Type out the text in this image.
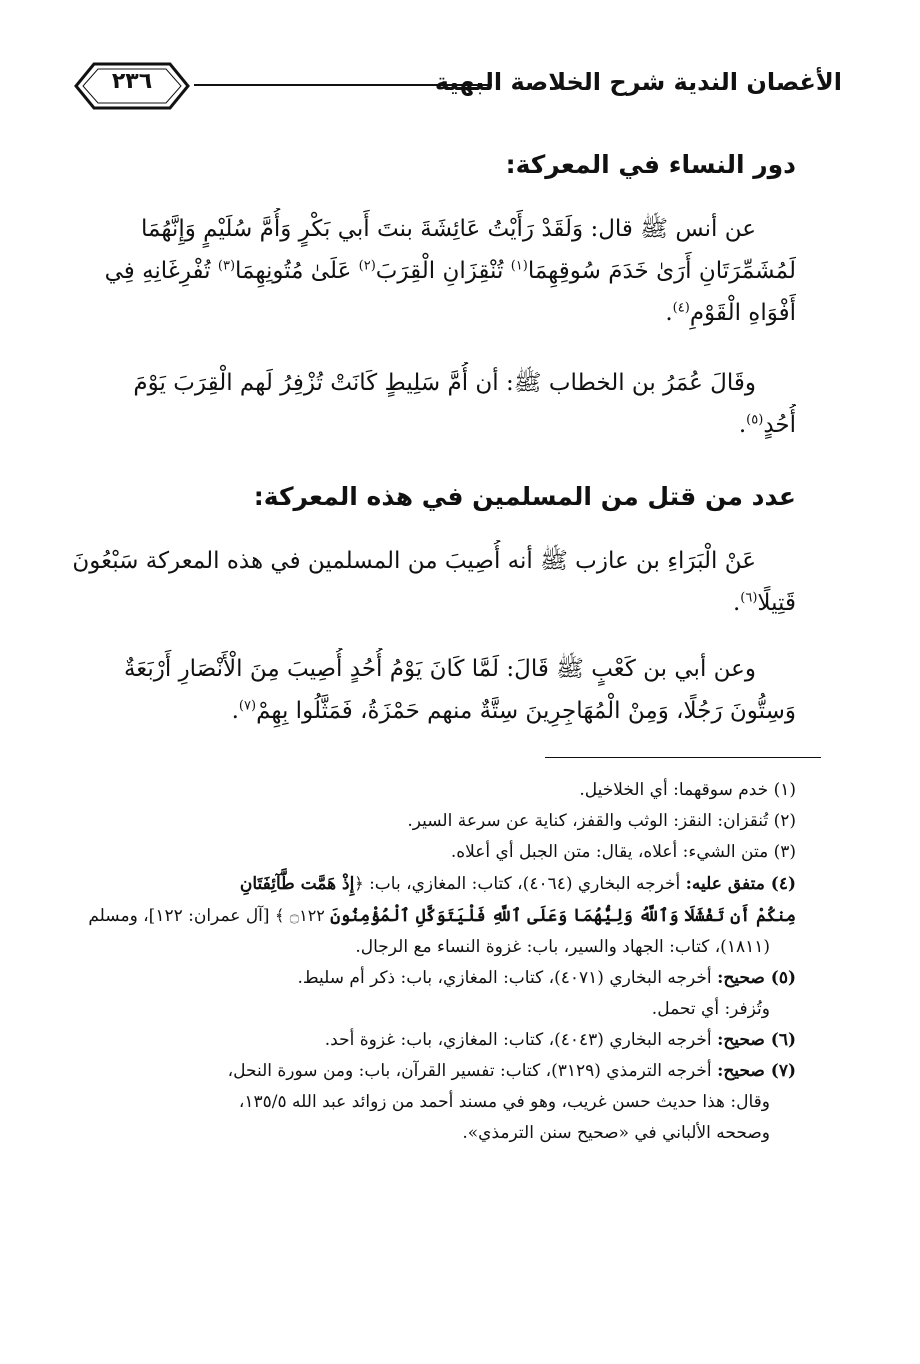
الأغصان الندية شرح الخلاصة البهية
٢٣٦
دور النساء في المعركة:
عن أنس ﷺ قال: وَلَقَدْ رَأَيْتُ عَائِشَةَ بنتَ أَبي بَكْرٍ وَأُمَّ سُلَيْمٍ وَإِنَّهُمَا
لَمُشَمِّرَتَانِ أَرَىٰ خَدَمَ سُوقِهِمَا$^{(١)}$ تُنْقِزَانِ الْقِرَبَ$^{(٢)}$ عَلَىٰ مُتُونِهِمَا$^{(٣)}$ تُفْرِغَانِهِ فِي
أَفْوَاهِ الْقَوْمِ$^{(٤)}$.
وقَالَ عُمَرُ بن الخطاب ﷺ: أن أُمَّ سَلِيطٍ كَانَتْ تُزْفِرُ لَهم الْقِرَبَ يَوْمَ
أُحُدٍ$^{(٥)}$.
عدد من قتل من المسلمين في هذه المعركة:
عَنْ الْبَرَاءِ بن عازب ﷺ أنه أُصِيبَ من المسلمين في هذه المعركة سَبْعُونَ
قَتِيلًا$^{(٦)}$.
وعن أبي بن كَعْبٍ ﷺ قَالَ: لَمَّا كَانَ يَوْمُ أُحُدٍ أُصِيبَ مِنَ الْأَنْصَارِ أَرْبَعَةٌ
وَسِتُّونَ رَجُلًا، وَمِنْ الْمُهَاجِرِينَ سِتَّةٌ منهم حَمْزَةُ، فَمَثَّلُوا بِهِمْ$^{(٧)}$.
(١) خدم سوقهما: أي الخلاخيل.
(٢) تُنقزان: النقز: الوثب والقفز، كناية عن سرعة السير.
(٣) متن الشيء: أعلاه، يقال: متن الجبل أي أعلاه.
(٤) متفق عليه: أخرجه البخاري (٤٠٦٤)، كتاب: المغازي، باب: ﴿إِذْ هَمَّت طَّآئِفَتَانِ
مِنكُمْ أَن تَفْشَلَا وَٱللَّهُ وَلِيُّهُمَا وَعَلَى ٱللَّهِ فَلْيَتَوَكَّلِ ٱلْمُؤْمِنُونَ ۝١٢٢ ﴾ [آل عمران: ١٢٢]، ومسلم
(١٨١١)، كتاب: الجهاد والسير، باب: غزوة النساء مع الرجال.
(٥) صحيح: أخرجه البخاري (٤٠٧١)، كتاب: المغازي، باب: ذكر أم سليط.
وتُزفر: أي تحمل.
(٦) صحيح: أخرجه البخاري (٤٠٤٣)، كتاب: المغازي، باب: غزوة أحد.
(٧) صحيح: أخرجه الترمذي (٣١٢٩)، كتاب: تفسير القرآن، باب: ومن سورة النحل،
وقال: هذا حديث حسن غريب، وهو في مسند أحمد من زوائد عبد الله ١٣٥/٥،
وصححه الألباني في «صحيح سنن الترمذي».
